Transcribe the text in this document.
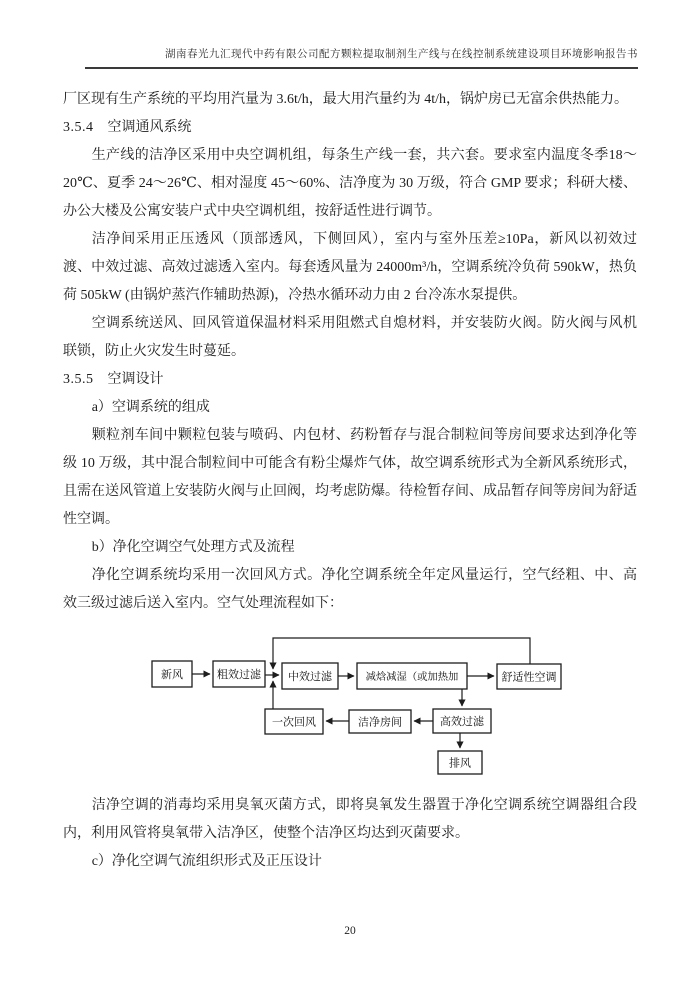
湖南春光九汇现代中药有限公司配方颗粒提取制剂生产线与在线控制系统建设项目环境影响报告书

厂区现有生产系统的平均用汽量为 3.6t/h，最大用汽量约为 4t/h，锅炉房已无富余供热能力。

3.5.4 空调通风系统

生产线的洁净区采用中央空调机组，每条生产线一套，共六套。要求室内温度冬季18～20℃、夏季 24～26℃、相对湿度 45～60%、洁净度为 30 万级，符合 GMP 要求；科研大楼、办公大楼及公寓安装户式中央空调机组，按舒适性进行调节。

洁净间采用正压透风（顶部透风，下侧回风），室内与室外压差≥10Pa，新风以初效过渡、中效过滤、高效过滤透入室内。每套透风量为 24000m³/h，空调系统冷负荷 590kW，热负荷 505kW (由锅炉蒸汽作辅助热源)，冷热水循环动力由 2 台冷冻水泵提供。

空调系统送风、回风管道保温材料采用阻燃式自熄材料，并安装防火阀。防火阀与风机联锁，防止火灾发生时蔓延。

3.5.5 空调设计

a）空调系统的组成

颗粒剂车间中颗粒包装与喷码、内包材、药粉暂存与混合制粒间等房间要求达到净化等级 10 万级，其中混合制粒间中可能含有粉尘爆炸气体，故空调系统形式为全新风系统形式，且需在送风管道上安装防火阀与止回阀，均考虑防爆。待检暂存间、成品暂存间等房间为舒适性空调。

b）净化空调空气处理方式及流程

净化空调系统均采用一次回风方式。净化空调系统全年定风量运行，空气经粗、中、高效三级过滤后送入室内。空气处理流程如下：

新风	粗效过滤 中效过滤	减焓减湿（或加热加	舒适性空调
一次回风	洁净房间	高效过滤
排风

洁净空调的消毒均采用臭氧灭菌方式，即将臭氧发生器置于净化空调系统空调器组合段内，利用风管将臭氧带入洁净区，使整个洁净区均达到灭菌要求。

c）净化空调气流组织形式及正压设计

20
